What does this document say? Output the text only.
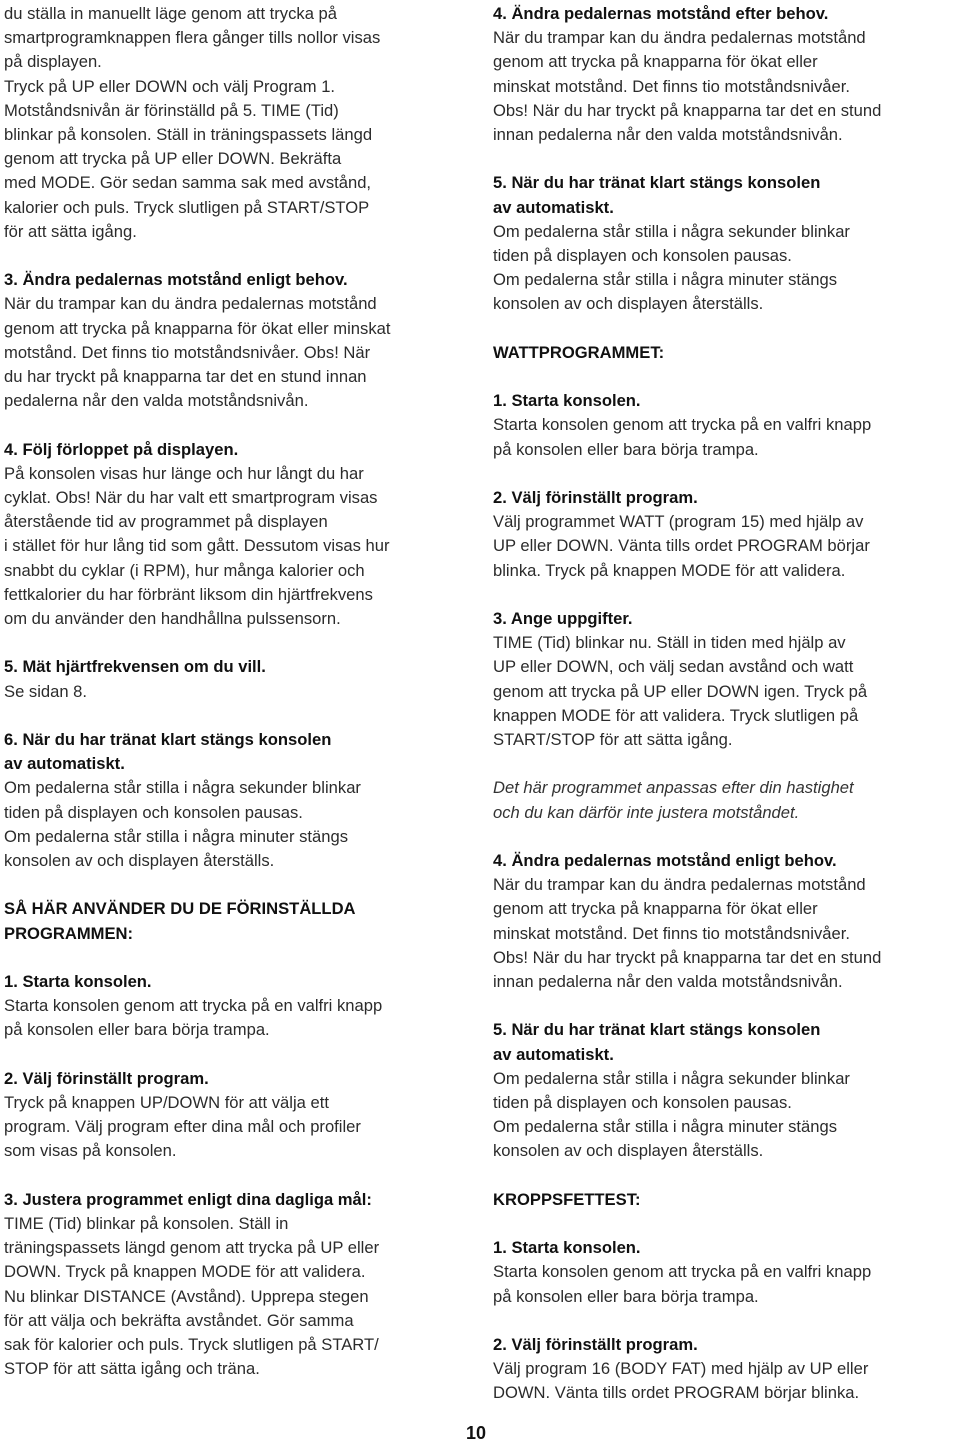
du ställa in manuellt läge genom att trycka på
smartprogramknappen flera gånger tills nollor visas
på displayen.
Tryck på UP eller DOWN och välj Program 1.
Motståndsnivån är förinställd på 5. TIME (Tid)
blinkar på konsolen. Ställ in träningspassets längd
genom att trycka på UP eller DOWN. Bekräfta
med MODE. Gör sedan samma sak med avstånd,
kalorier och puls. Tryck slutligen på START/STOP
för att sätta igång.
3. Ändra pedalernas motstånd enligt behov.
När du trampar kan du ändra pedalernas motstånd
genom att trycka på knapparna för ökat eller minskat
motstånd. Det finns tio motståndsnivåer. Obs! När
du har tryckt på knapparna tar det en stund innan
pedalerna når den valda motståndsnivån.
4. Följ förloppet på displayen.
På konsolen visas hur länge och hur långt du har
cyklat. Obs! När du har valt ett smartprogram visas
återstående tid av programmet på displayen
i stället för hur lång tid som gått. Dessutom visas hur
snabbt du cyklar (i RPM), hur många kalorier och
fettkalorier du har förbränt liksom din hjärtfrekvens
om du använder den handhållna pulssensorn.
5. Mät hjärtfrekvensen om du vill.
Se sidan 8.
6. När du har tränat klart stängs konsolen
av automatiskt.
Om pedalerna står stilla i några sekunder blinkar
tiden på displayen och konsolen pausas.
Om pedalerna står stilla i några minuter stängs
konsolen av och displayen återställs.
SÅ HÄR ANVÄNDER DU DE FÖRINSTÄLLDA
PROGRAMMEN:
1. Starta konsolen.
Starta konsolen genom att trycka på en valfri knapp
på konsolen eller bara börja trampa.
2. Välj förinställt program.
Tryck på knappen UP/DOWN för att välja ett
program. Välj program efter dina mål och profiler
som visas på konsolen.
3. Justera programmet enligt dina dagliga mål:
TIME (Tid) blinkar på konsolen. Ställ in
träningspassets längd genom att trycka på UP eller
DOWN. Tryck på knappen MODE för att validera.
Nu blinkar DISTANCE (Avstånd). Upprepa stegen
för att välja och bekräfta avståndet. Gör samma
sak för kalorier och puls. Tryck slutligen på START/
STOP för att sätta igång och träna.
4. Ändra pedalernas motstånd efter behov.
När du trampar kan du ändra pedalernas motstånd
genom att trycka på knapparna för ökat eller
minskat motstånd. Det finns tio motståndsnivåer.
Obs! När du har tryckt på knapparna tar det en stund
innan pedalerna når den valda motståndsnivån.
5. När du har tränat klart stängs konsolen
av automatiskt.
Om pedalerna står stilla i några sekunder blinkar
tiden på displayen och konsolen pausas.
Om pedalerna står stilla i några minuter stängs
konsolen av och displayen återställs.
WATTPROGRAMMET:
1. Starta konsolen.
Starta konsolen genom att trycka på en valfri knapp
på konsolen eller bara börja trampa.
2. Välj förinställt program.
Välj programmet WATT (program 15) med hjälp av
UP eller DOWN. Vänta tills ordet PROGRAM börjar
blinka. Tryck på knappen MODE för att validera.
3. Ange uppgifter.
TIME (Tid) blinkar nu. Ställ in tiden med hjälp av
UP eller DOWN, och välj sedan avstånd och watt
genom att trycka på UP eller DOWN igen. Tryck på
knappen MODE för att validera. Tryck slutligen på
START/STOP för att sätta igång.
Det här programmet anpassas efter din hastighet
och du kan därför inte justera motståndet.
4. Ändra pedalernas motstånd enligt behov.
När du trampar kan du ändra pedalernas motstånd
genom att trycka på knapparna för ökat eller
minskat motstånd. Det finns tio motståndsnivåer.
Obs! När du har tryckt på knapparna tar det en stund
innan pedalerna når den valda motståndsnivån.
5. När du har tränat klart stängs konsolen
av automatiskt.
Om pedalerna står stilla i några sekunder blinkar
tiden på displayen och konsolen pausas.
Om pedalerna står stilla i några minuter stängs
konsolen av och displayen återställs.
KROPPSFETTEST:
1. Starta konsolen.
Starta konsolen genom att trycka på en valfri knapp
på konsolen eller bara börja trampa.
2. Välj förinställt program.
Välj program 16 (BODY FAT) med hjälp av UP eller
DOWN. Vänta tills ordet PROGRAM börjar blinka.
10
